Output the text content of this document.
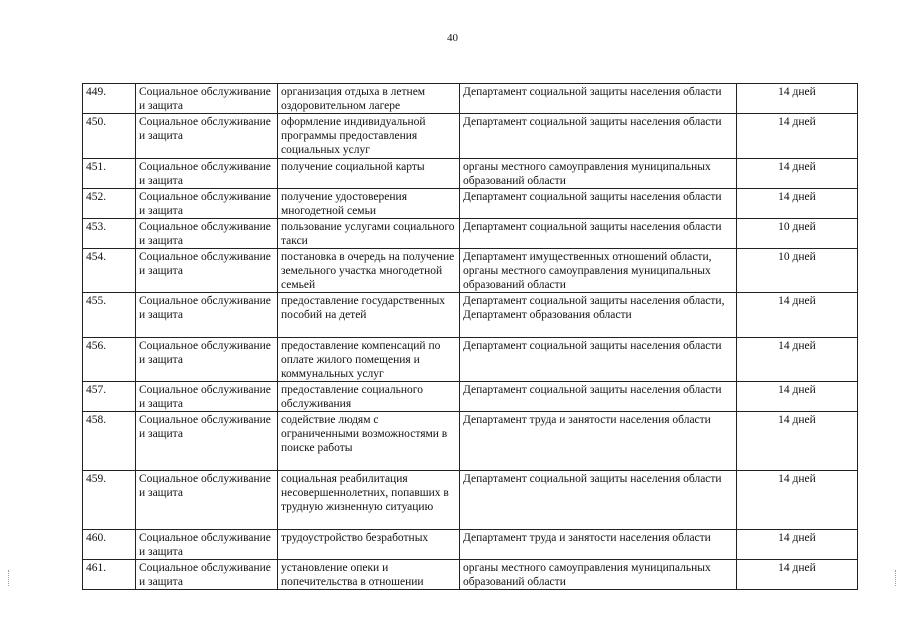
40
449.	Социальное обслуживание и защита	организация отдыха в летнем оздоровительном лагере	Департамент социальной защиты населения области	14 дней
450.	Социальное обслуживание и защита	оформление индивидуальной программы предоставления социальных услуг	Департамент социальной защиты населения области	14 дней
451.	Социальное обслуживание и защита	получение социальной карты	органы местного самоуправления муниципальных образований области	14 дней
452.	Социальное обслуживание и защита	получение удостоверения многодетной семьи	Департамент социальной защиты населения области	14 дней
453.	Социальное обслуживание и защита	пользование услугами социального такси	Департамент социальной защиты населения области	10 дней
454.	Социальное обслуживание и защита	постановка в очередь на получение земельного участка многодетной семьей	Департамент имущественных отношений области, органы местного самоуправления муниципальных образований области	10 дней
455.	Социальное обслуживание и защита	предоставление государственных пособий на детей	Департамент социальной защиты населения области, Департамент образования области	14 дней
456.	Социальное обслуживание и защита	предоставление компенсаций по оплате жилого помещения и коммунальных услуг	Департамент социальной защиты населения области	14 дней
457.	Социальное обслуживание и защита	предоставление социального обслуживания	Департамент социальной защиты населения области	14 дней
458.	Социальное обслуживание и защита	содействие людям с ограниченными возможностями в поиске работы	Департамент труда и занятости населения области	14 дней
459.	Социальное обслуживание и защита	социальная реабилитация несовершеннолетних, попавших в трудную жизненную ситуацию	Департамент социальной защиты населения области	14 дней
460.	Социальное обслуживание и защита	трудоустройство безработных	Департамент труда и занятости населения области	14 дней
461.	Социальное обслуживание и защита	установление опеки и попечительства в отношении	органы местного самоуправления муниципальных образований области	14 дней
